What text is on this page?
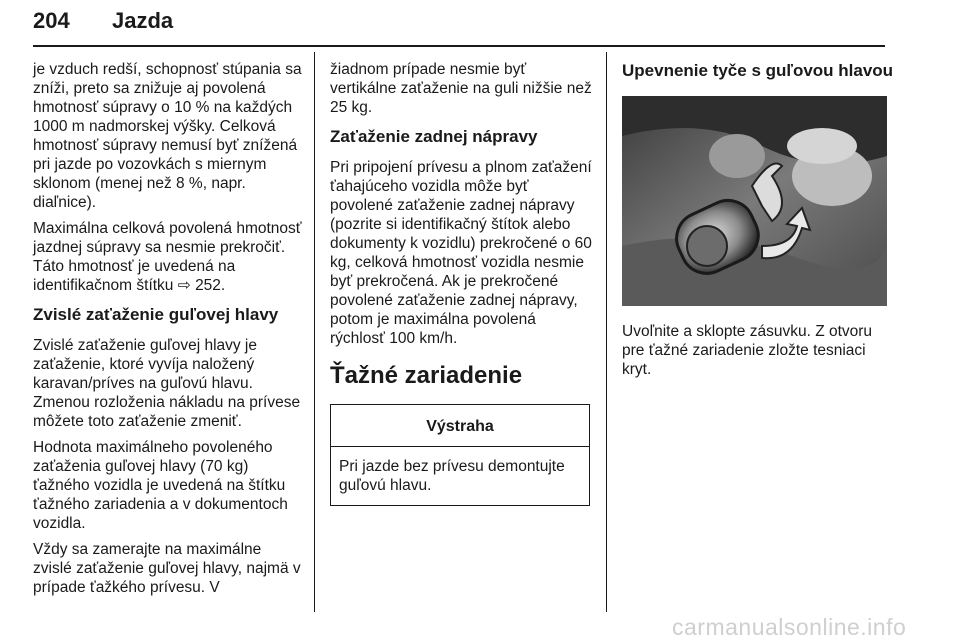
204 Jazda

je vzduch redší, schopnosť stúpania sa zníži, preto sa znižuje aj povolená hmotnosť súpravy o 10 % na každých 1000 m nadmorskej výšky. Celková hmotnosť súpravy nemusí byť znížená pri jazde po vozovkách s miernym sklonom (menej než 8 %, napr. diaľnice).

Maximálna celková povolená hmotnosť jazdnej súpravy sa nesmie prekročiť. Táto hmotnosť je uvedená na identifikačnom štítku ⇨ 252.

Zvislé zaťaženie guľovej hlavy

Zvislé zaťaženie guľovej hlavy je zaťaženie, ktoré vyvíja naložený karavan/príves na guľovú hlavu. Zmenou rozloženia nákladu na prívese môžete toto zaťaženie zmeniť.

Hodnota maximálneho povoleného zaťaženia guľovej hlavy (70 kg) ťažného vozidla je uvedená na štítku ťažného zariadenia a v dokumentoch vozidla.

Vždy sa zamerajte na maximálne zvislé zaťaženie guľovej hlavy, najmä v prípade ťažkého prívesu. V

žiadnom prípade nesmie byť vertikálne zaťaženie na guli nižšie než 25 kg.

Zaťaženie zadnej nápravy

Pri pripojení prívesu a plnom zaťažení ťahajúceho vozidla môže byť povolené zaťaženie zadnej nápravy (pozrite si identifikačný štítok alebo dokumenty k vozidlu) prekročené o 60 kg, celková hmotnosť vozidla nesmie byť prekročená. Ak je prekročené povolené zaťaženie zadnej nápravy, potom je maximálna povolená rýchlosť 100 km/h.

Ťažné zariadenie
Výstraha
Pri jazde bez prívesu demontujte guľovú hlavu.
Upevnenie tyče s guľovou hlavou

Uvoľnite a sklopte zásuvku. Z otvoru pre ťažné zariadenie zložte tesniaci kryt.

carmanualsonline.info
